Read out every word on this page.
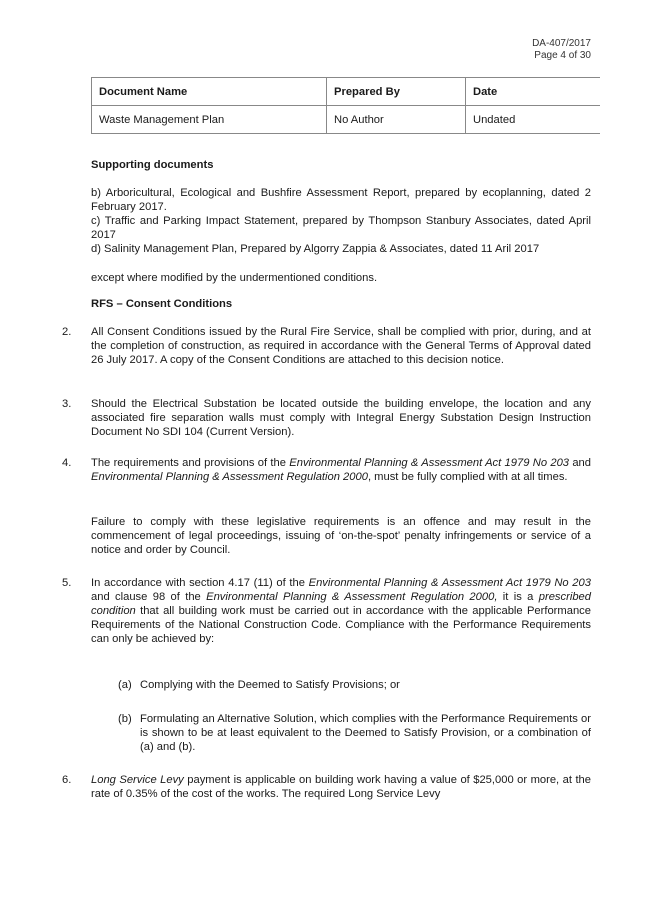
DA-407/2017
Page 4 of 30
Document Name	Prepared By	Date
Waste Management Plan	No Author	Undated
Supporting documents
b) Arboricultural, Ecological and Bushfire Assessment Report, prepared by ecoplanning, dated 2 February 2017.
c) Traffic and Parking Impact Statement, prepared by Thompson Stanbury Associates, dated April 2017
d) Salinity Management Plan, Prepared by Algorry Zappia & Associates, dated 11 Aril 2017
except where modified by the undermentioned conditions.
RFS – Consent Conditions
2. All Consent Conditions issued by the Rural Fire Service, shall be complied with prior, during, and at the completion of construction, as required in accordance with the General Terms of Approval dated 26 July 2017. A copy of the Consent Conditions are attached to this decision notice.
3. Should the Electrical Substation be located outside the building envelope, the location and any associated fire separation walls must comply with Integral Energy Substation Design Instruction Document No SDI 104 (Current Version).
4. The requirements and provisions of the Environmental Planning & Assessment Act 1979 No 203 and Environmental Planning & Assessment Regulation 2000, must be fully complied with at all times.
Failure to comply with these legislative requirements is an offence and may result in the commencement of legal proceedings, issuing of ‘on-the-spot’ penalty infringements or service of a notice and order by Council.
5. In accordance with section 4.17 (11) of the Environmental Planning & Assessment Act 1979 No 203 and clause 98 of the Environmental Planning & Assessment Regulation 2000, it is a prescribed condition that all building work must be carried out in accordance with the applicable Performance Requirements of the National Construction Code. Compliance with the Performance Requirements can only be achieved by:
(a) Complying with the Deemed to Satisfy Provisions; or
(b) Formulating an Alternative Solution, which complies with the Performance Requirements or is shown to be at least equivalent to the Deemed to Satisfy Provision, or a combination of (a) and (b).
6. Long Service Levy payment is applicable on building work having a value of $25,000 or more, at the rate of 0.35% of the cost of the works. The required Long Service Levy
